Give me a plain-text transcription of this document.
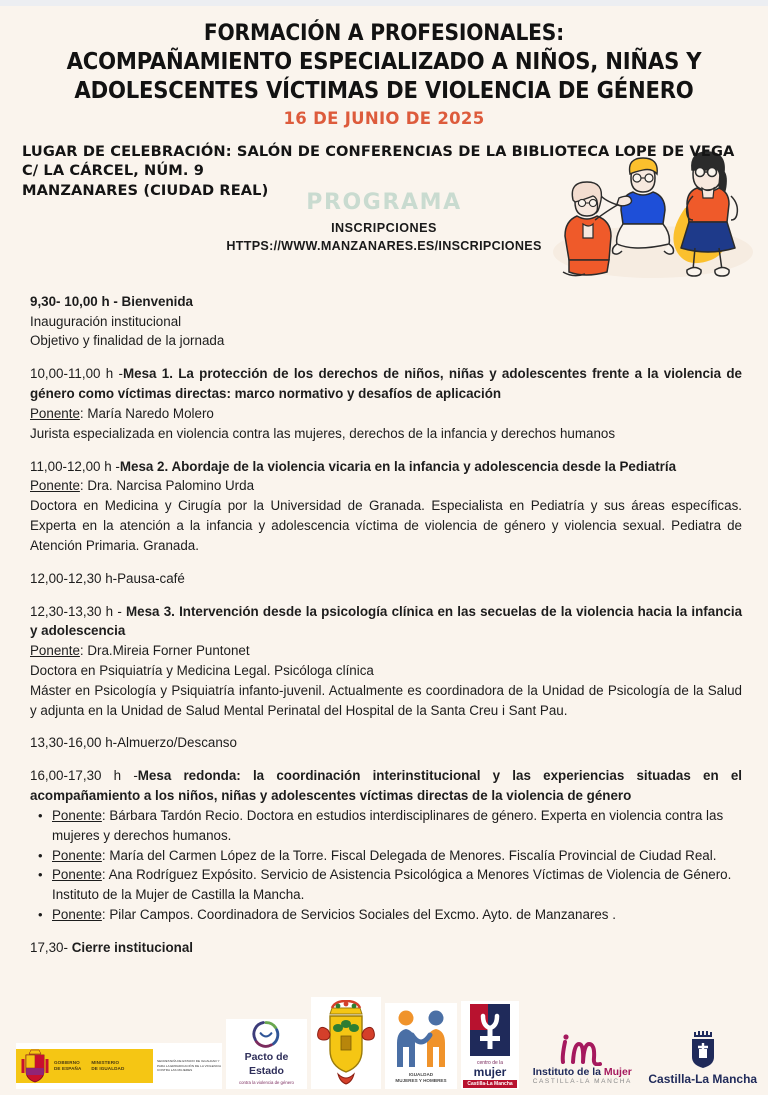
FORMACIÓN A PROFESIONALES:
ACOMPAÑAMIENTO ESPECIALIZADO A NIÑOS, NIÑAS Y
ADOLESCENTES VÍCTIMAS DE VIOLENCIA DE GÉNERO
16 DE JUNIO DE 2025
LUGAR DE CELEBRACIÓN: SALÓN DE CONFERENCIAS DE LA BIBLIOTECA LOPE DE VEGA
C/ LA CÁRCEL, NÚM. 9
MANZANARES (CIUDAD REAL)	PROGRAMA
INSCRIPCIONES
HTTPS://WWW.MANZANARES.ES/INSCRIPCIONES
9,30- 10,00 h - Bienvenida
Inauguración institucional
Objetivo y finalidad de la jornada
10,00-11,00 h -Mesa 1. La protección de los derechos de niños, niñas y adolescentes frente a la violencia de género como víctimas directas: marco normativo y desafíos de aplicación
Ponente: María Naredo Molero
Jurista especializada en violencia contra las mujeres, derechos de la infancia y derechos humanos
11,00-12,00 h -Mesa 2. Abordaje de la violencia vicaria en la infancia y adolescencia desde la Pediatría
Ponente: Dra. Narcisa Palomino Urda
Doctora en Medicina y Cirugía por la Universidad de Granada. Especialista en Pediatría y sus áreas específicas. Experta en la atención a la infancia y adolescencia víctima de violencia de género y violencia sexual. Pediatra de Atención Primaria. Granada.
12,00-12,30 h-Pausa-café
12,30-13,30 h - Mesa 3. Intervención desde la psicología clínica en las secuelas de la violencia hacia la infancia y adolescencia
Ponente: Dra.Mireia Forner Puntonet
Doctora en Psiquiatría y Medicina Legal. Psicóloga clínica
Máster en Psicología y Psiquiatría infanto-juvenil. Actualmente es coordinadora de la Unidad de Psicología de la Salud y adjunta en la Unidad de Salud Mental Perinatal del Hospital de la Santa Creu i Sant Pau.
13,30-16,00 h-Almuerzo/Descanso
16,00-17,30 h -Mesa redonda: la coordinación interinstitucional y las experiencias situadas en el acompañamiento a los niños, niñas y adolescentes víctimas directas de la violencia de género
• Ponente: Bárbara Tardón Recio. Doctora en estudios interdisciplinares de género. Experta en violencia contra las mujeres y derechos humanos.
• Ponente: María del Carmen López de la Torre. Fiscal Delegada de Menores. Fiscalía Provincial de Ciudad Real.
• Ponente: Ana Rodríguez Expósito. Servicio de Asistencia Psicológica a Menores Víctimas de Violencia de Género. Instituto de la Mujer de Castilla la Mancha.
• Ponente: Pilar Campos. Coordinadora de Servicios Sociales del Excmo. Ayto. de Manzanares .
17,30- Cierre institucional
GOBIERNO
DE ESPAÑA
MINISTERIO
DE IGUALDAD
SECRETARÍA DE ESTADO DE IGUALDAD Y PARA LA ERRADICACIÓN DE LA VIOLENCIA CONTRA LAS MUJERES
Pacto de Estado
contra la violencia de género
IGUALDAD
MUJERES Y HOMBRES
centro de la
mujer
Castilla-La Mancha
Instituto de la Mujer
CASTILLA-LA MANCHA Castilla-La Mancha
